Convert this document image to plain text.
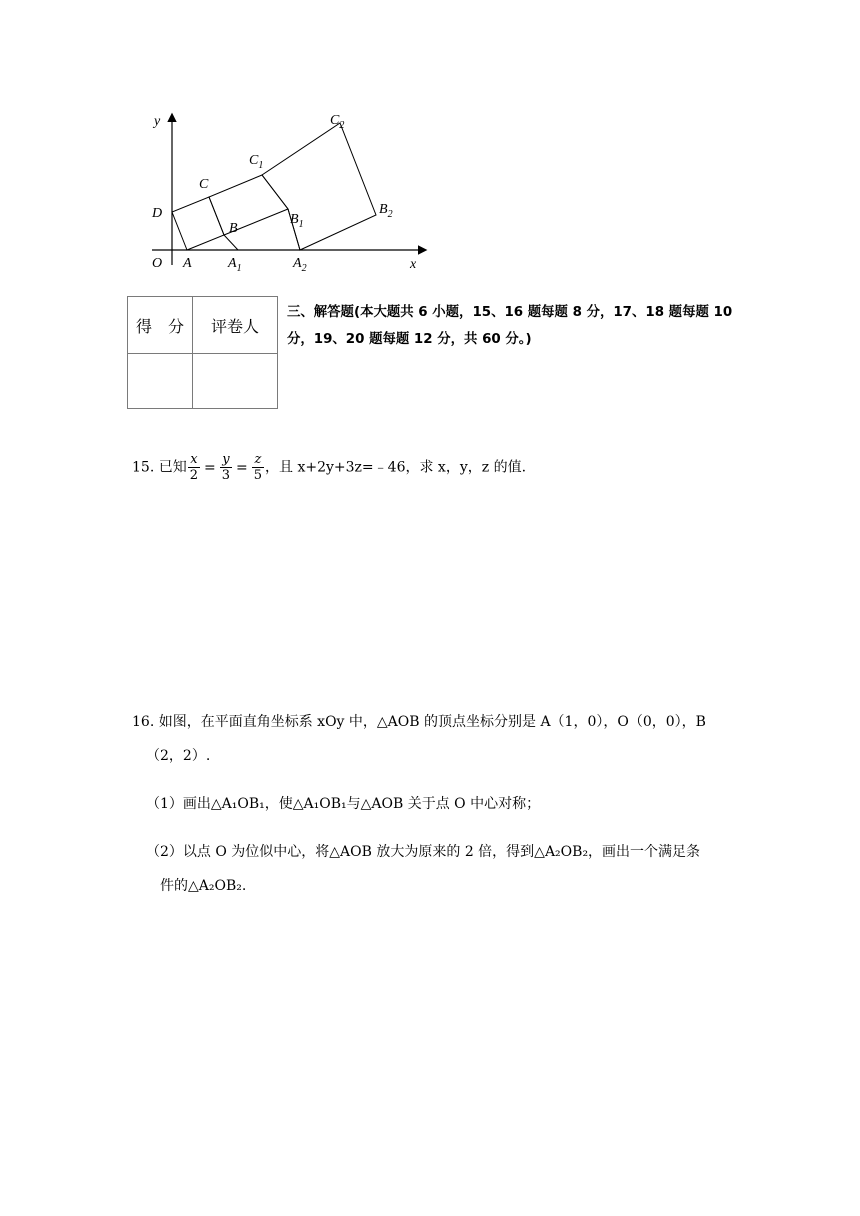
y
x
O A	$A_1$	$A_2$
B
$B_1$
$B_2$
C
$C_1$
$C_2$
D
得　分	评卷人

三、解答题(本大题共 6 小题，15、16 题每题 8 分，17、18 题每题 10 分，19、20 题每题 12 分，共 60 分。)
15. 已知 $\frac{x}{2} = \frac{y}{3} = \frac{z}{5}$ ，且 x+2y+3z=﹣46，求 x，y，z 的值.
16. 如图，在平面直角坐标系 xOy 中，△AOB 的顶点坐标分别是 A（1，0），O（0，0），B
（2，2）.
（1）画出△A₁OB₁，使△A₁OB₁与△AOB 关于点 O 中心对称；
（2）以点 O 为位似中心，将△AOB 放大为原来的 2 倍，得到△A₂OB₂，画出一个满足条
件的△A₂OB₂.
